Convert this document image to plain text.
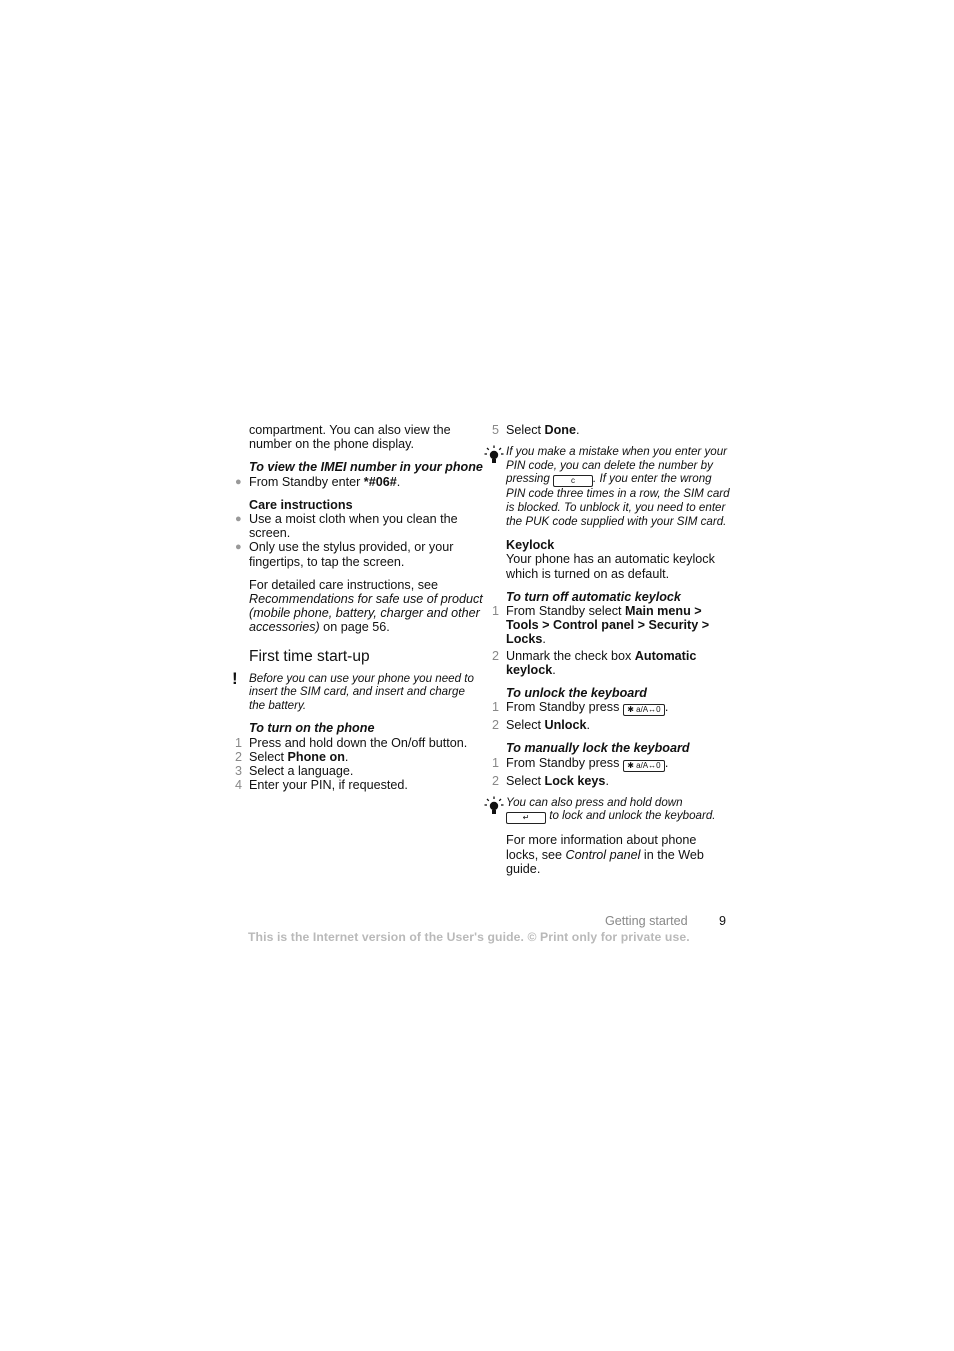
compartment. You can also view the
number on the phone display.

To view the IMEI number in your phone

● From Standby enter *#06#.

Care instructions

● Use a moist cloth when you clean the screen.
● Only use the stylus provided, or your fingertips, to tap the screen.

For detailed care instructions, see Recommendations for safe use of product (mobile phone, battery, charger and other accessories) on page 56.

First time start-up

! Before you can use your phone you need to insert the SIM card, and insert and charge the battery.

To turn on the phone

1 Press and hold down the On/off button.
2 Select Phone on.
3 Select a language.
4 Enter your PIN, if requested.
5 Select Done.
If you make a mistake when you enter your PIN code, you can delete the number by pressing c . If you enter the wrong PIN code three times in a row, the SIM card is blocked. To unblock it, you need to enter the PUK code supplied with your SIM card.

Keylock

Your phone has an automatic keylock which is turned on as default.

To turn off automatic keylock

1 From Standby select Main menu > Tools > Control panel > Security > Locks.
2 Unmark the check box Automatic keylock.

To unlock the keyboard

1 From Standby press ✱ a/A↔0 .
2 Select Unlock.

To manually lock the keyboard

1 From Standby press ✱ a/A↔0 .
2 Select Lock keys.
You can also press and hold down
↵ to lock and unlock the keyboard.

For more information about phone locks, see Control panel in the Web guide.

Getting started 9
This is the Internet version of the User's guide. © Print only for private use.
